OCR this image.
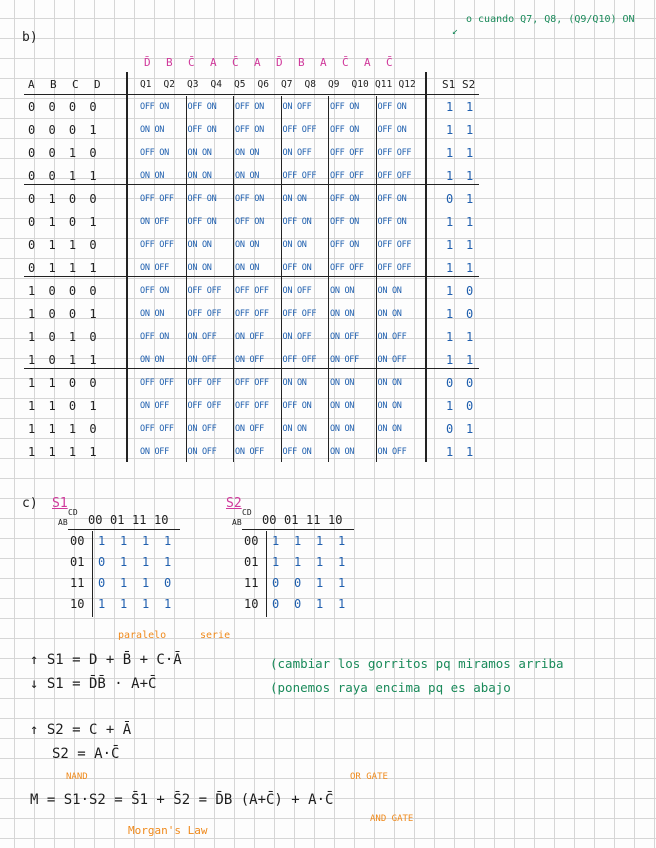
b)
o cuando Q7, Q8, (Q9/Q10) ON
↙
D̄ B C̄ A C̄ A D̄ B A C̄ A C̄
A B C D	Q1 Q2 Q3 Q4 Q5 Q6 Q7 Q8 Q9 Q10 Q11 Q12 S1 S2
0 0 0 0	OFF ON OFF ON OFF ON ON OFF OFF ON OFF ON	1 1
0 0 0 1	ON ON	OFF ON OFF ON OFF OFF OFF ON OFF ON	1 1
0 0 1 0	OFF ON ON ON	ON ON	ON OFF OFF OFF OFF OFF	1 1
0 0 1 1	ON ON	ON ON	ON ON	OFF OFF OFF OFF OFF OFF	1 1
0 1 0 0	OFF OFF OFF ON OFF ON ON ON	OFF ON OFF ON	0 1
0 1 0 1	ON OFF OFF ON OFF ON OFF ON OFF ON OFF ON	1 1
0 1 1 0	OFF OFF ON ON	ON ON	ON ON	OFF ON OFF OFF	1 1
0 1 1 1	ON OFF ON ON	ON ON	OFF ON OFF OFF OFF OFF	1 1
1 0 0 0	OFF ON OFF OFF OFF OFF ON OFF ON ON	ON ON	1 0
1 0 0 1	ON ON	OFF OFF OFF OFF OFF OFF ON ON	ON ON	1 0
1 0 1 0	OFF ON ON OFF ON OFF ON OFF ON OFF ON OFF	1 1
1 0 1 1	ON ON	ON OFF ON OFF OFF OFF ON OFF ON OFF	1 1
1 1 0 0	OFF OFF OFF OFF OFF OFF ON ON	ON ON	ON ON	0 0
1 1 0 1	ON OFF OFF OFF OFF OFF OFF ON ON ON	ON ON	1 0
1 1 1 0	OFF OFF ON OFF ON OFF ON ON	ON ON	ON ON	0 1
1 1 1 1	ON OFF ON OFF ON OFF OFF ON ON ON	ON OFF	1 1
c) S1
CD
AB 00 01 11 10
00 1 1 1 1
01 0 1 1 1
11 0 1 1 0
10 1 1 1 1
S2
CD
AB 00 01 11 10
00 1 1 1 1
01 1 1 1 1
11 0 0 1 1
10 0 0 1 1
paralelo	serie
↑ S1 = D + B̄ + C·Ā
↓ S1 = D̄B̄ · A+C̄
(cambiar los gorritos pq miramos arriba
(ponemos raya encima pq es abajo
↑ S2 = C + Ā
S2 = A·C̄
NAND	OR GATE
M = S1·S2 = S̄1 + S̄2 = D̄B (A+C̄) + A·C̄
AND GATE
Morgan's Law
